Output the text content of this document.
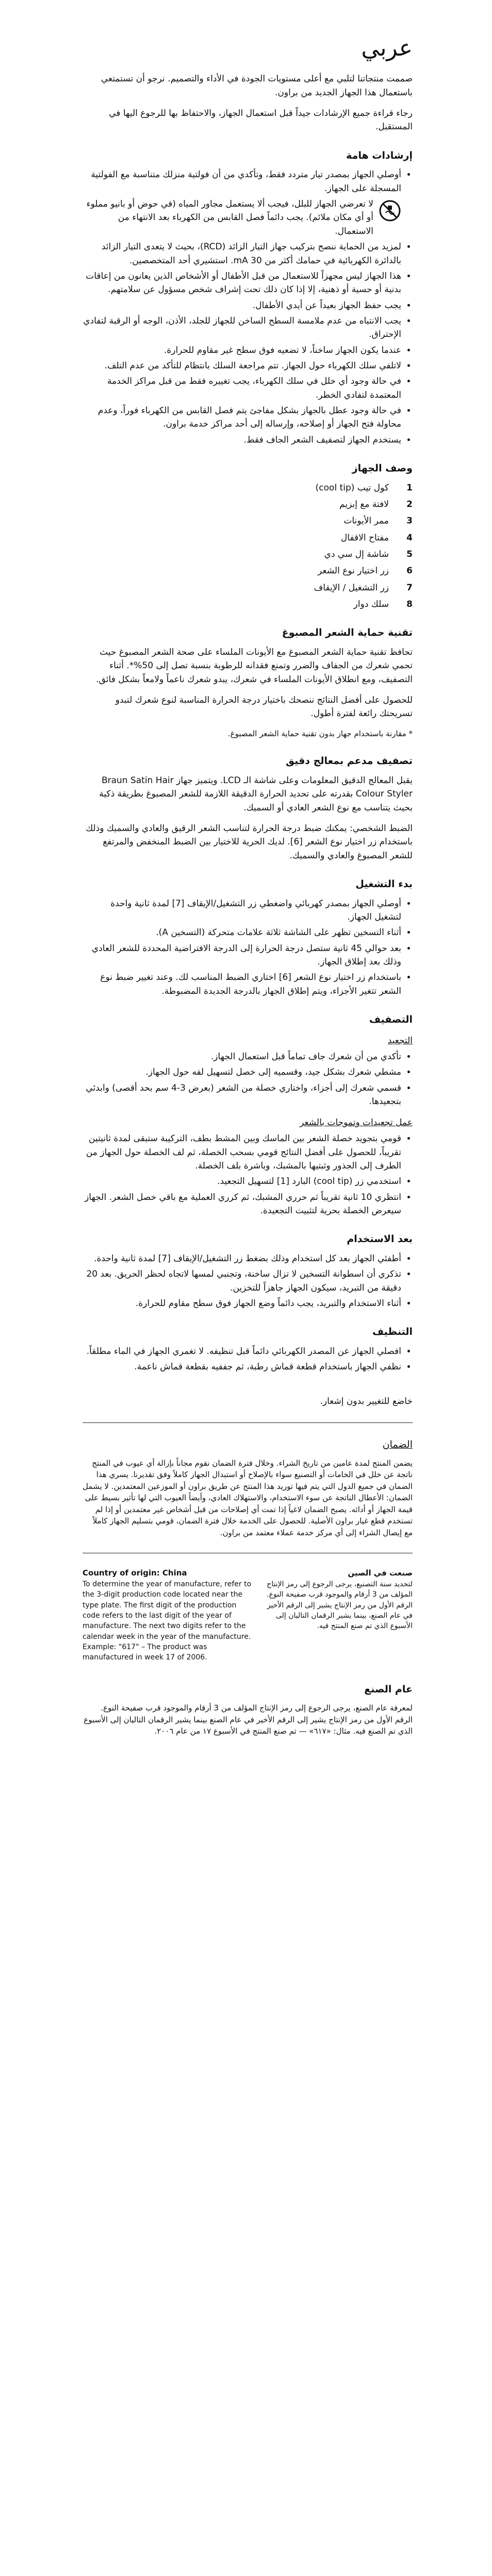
عربي

صممت منتجاتنا لتلبي مع أعلى مستويات الجودة في الأداء والتصميم. نرجو أن تستمتعي باستعمال هذا الجهاز الجديد من براون.

رجاء قراءة جميع الإرشادات جيداً قبل استعمال الجهاز، والاحتفاظ بها للرجوع اليها في المستقبل.

إرشادات هامة
• أوصلي الجهاز بمصدر تيار متردد فقط، وتأكدي من أن فولتية منزلك متناسبة مع الفولتية المسجلة على الجهاز.
لا تعرضي الجهاز للبلل، فيجب ألا يستعمل مجاور المياه (في حوض أو بانيو مملوء أو أي مكان ملائم). يجب دائماً فصل القابس من الكهرباء بعد الانتهاء من الاستعمال.
• لمزيد من الحماية ننصح بتركيب جهاز التيار الزائد (RCD)، بحيث لا يتعدى التيار الزائد بالدائرة الكهربائية في حمامك أكثر من 30 mA. استشيري أحد المتخصصين.
• هذا الجهاز ليس مجهزاً للاستعمال من قبل الأطفال أو الأشخاص الذين يعانون من إعاقات بدنية أو حسية أو ذهنية، إلا إذا كان ذلك تحت إشراف شخص مسؤول عن سلامتهم.
• يجب حفظ الجهاز بعيداً عن أيدي الأطفال.
• يجب الانتباه من عدم ملامسة السطح الساخن للجهاز للجلد، الأذن، الوجه أو الرقبة لتفادي الإحتراق.
• عندما يكون الجهاز ساخناً، لا تضعيه فوق سطح غير مقاوم للحرارة.
• لاتلفي سلك الكهرباء حول الجهاز. تتم مراجعة السلك بانتظام للتأكد من عدم التلف.
• في حالة وجود أي خلل في سلك الكهرباء، يجب تغييره فقط من قبل مراكز الخدمة المعتمدة لتفادي الخطر.
• في حالة وجود عطل بالجهاز بشكل مفاجئ يتم فصل القابس من الكهرباء فوراً، وعدم محاولة فتح الجهاز أو إصلاحه، وإرساله إلى أحد مراكز خدمة براون.
• يستخدم الجهاز لتصفيف الشعر الجاف فقط.
وصف الجهاز
1
كول تيب (cool tip)
2
لافتة مع إبزيم
3
ممر الأيونات
4
مفتاح الاقفال
5
شاشة إل سي دي
6
زر اختيار نوع الشعر
7
زر التشغيل / الإيقاف
8
سلك دوار
تقنية حماية الشعر المصبوغ

تحافظ تقنية حماية الشعر المصبوغ مع الأيونات الملساء على صحة الشعر المصبوغ حيث تحمي شعرك من الجفاف والضرر وتمنع فقدانه للرطوبة بنسبة تصل إلى 50%*. أثناء التصفيف، ومع انطلاق الأيونات الملساء في شعرك، يبدو شعرك ناعماً ولامعاً بشكل فائق.

للحصول على أفضل النتائج ننصحك باختيار درجة الحرارة المناسبة لنوع شعرك لتبدو تسريحتك رائعة لفترة أطول.

* مقارنة باستخدام جهاز بدون تقنية حماية الشعر المصبوغ.

تصفيف مدعم بمعالج دقيق

يقبل المعالج الدقيق المعلومات وعلى شاشة الـ LCD. ويتميز جهاز Braun Satin Hair Colour Styler بقدرته على تحديد الحرارة الدقيقة اللازمة للشعر المصبوغ بطريقة ذكية بحيث يتناسب مع نوع الشعر العادي أو السميك.

الضبط الشخصي: يمكنك ضبط درجة الحرارة لتناسب الشعر الرقيق والعادي والسميك وذلك باستخدام زر اختيار نوع الشعر [6]. لديك الحرية للاختيار بين الضبط المنخفض والمرتفع للشعر المصبوغ والعادي والسميك.

بدء التشغيل
• أوصلي الجهاز بمصدر كهربائي واضغطي زر التشغيل/الإيقاف [7] لمدة ثانية واحدة لتشغيل الجهاز.
• أثناء التسخين تظهر على الشاشة ثلاثة علامات متحركة (التسخين A).
• بعد حوالي 45 ثانية ستصل درجة الحرارة إلى الدرجة الافتراضية المحددة للشعر العادي وذلك بعد إطلاق الجهاز.
• باستخدام زر اختيار نوع الشعر [6] اختاري الضبط المناسب لك. وعند تغيير ضبط نوع الشعر تتغير الأجزاء، ويتم إطلاق الجهاز بالدرجة الجديدة المضبوطة.
التصفيف
التجعيد
• تأكدي من أن شعرك جاف تماماً قبل استعمال الجهاز.
• مشطي شعرك بشكل جيد، وقسميه إلى خصل لتسهيل لفه حول الجهاز.
• قسمي شعرك إلى أجزاء، واختاري خصلة من الشعر (بعرض 3-4 سم بحد أقصى) وابدئي بتجعيدها.
عمل تجعيدات وتموجات بالشعر
• قومي بتجويد خصلة الشعر بين الماسك وبين المشط بطف، التركيبة ستبقى لمدة ثانيتين تقريباً، للحصول على أفضل النتائج قومي بسحب الخصلة، ثم لف الخصلة حول الجهاز من الطرف إلى الجذور وثبتيها بالمشبك، وباشرة بلف الخصلة.
• استخدمي زر (cool tip) البارد [1] لتسهيل التجعيد.
• انتظري 10 ثانية تقريباً ثم حرري المشبك، ثم كرري العملية مع باقي خصل الشعر. الجهاز سيعرض الخصلة بحرية لتثبيت التجعيدة.
بعد الاستخدام
• أطفئي الجهاز بعد كل استخدام وذلك بضغط زر التشغيل/الإيقاف [7] لمدة ثانية واحدة.
• تذكري أن اسطوانة التسخين لا تزال ساخنة، وتجنبي لمسها لاتجاه لحظر الحريق. بعد 20 دقيقة من التبريد، سيكون الجهاز جاهزاً للتخزين.
• أثناء الاستخدام والتبريد، يجب دائماً وضع الجهاز فوق سطح مقاوم للحرارة.
التنظيف
• افصلي الجهاز عن المصدر الكهربائي دائماً قبل تنظيفه. لا تغمري الجهاز في الماء مطلقاً.
• نظفي الجهاز باستخدام قطعة قماش رطبة، ثم جففيه بقطعة قماش ناعمة.

خاضع للتغيير بدون إشعار.

الضمان

يضمن المنتج لمدة عامين من تاريخ الشراء. وخلال فترة الضمان نقوم مجاناً بإزالة أي عيوب في المنتج ناتجة عن خلل في الخامات أو التصنيع سواء بالإصلاح أو استبدال الجهاز كاملاً وفق تقديرنا. يسري هذا الضمان في جميع الدول التي يتم فيها توريد هذا المنتج عن طريق براون أو الموزعين المعتمدين. لا يشمل الضمان: الأعطال الناتجة عن سوء الاستخدام، والاستهلاك العادي، وأيضاً العيوب التي لها تأثير بسيط على قيمة الجهاز أو أدائه. يصبح الضمان لاغياً إذا تمت أي إصلاحات من قبل أشخاص غير معتمدين أو إذا لم تستخدم قطع غيار براون الأصلية. للحصول على الخدمة خلال فترة الضمان، قومي بتسليم الجهاز كاملاً مع إيصال الشراء إلى أي مركز خدمة عملاء معتمد من براون.

Country of origin: China
To determine the year of manufacture, refer to the 3-digit production code located near the type plate. The first digit of the production code refers to the last digit of the year of manufacture. The next two digits refer to the calendar week in the year of the manufacture. Example: "617" – The product was manufactured in week 17 of 2006.
صنعت في الصين
لتحديد سنة التصنيع، يرجى الرجوع إلى رمز الإنتاج المؤلف من 3 أرقام والموجود قرب صفيحة النوع. الرقم الأول من رمز الإنتاج يشير إلى الرقم الأخير في عام الصنع، بينما يشير الرقمان التاليان إلى الأسبوع الذي تم صنع المنتج فيه.
عام الصنع

لمعرفة عام الصنع، يرجى الرجوع إلى رمز الإنتاج المؤلف من 3 أرقام والموجود قرب صفيحة النوع. الرقم الأول من رمز الإنتاج يشير إلى الرقم الأخير في عام الصنع بينما يشير الرقمان التاليان إلى الأسبوع الذي تم الصنع فيه. مثال: «٦١٧» — تم صنع المنتج في الأسبوع ١٧ من عام ٢٠٠٦.
